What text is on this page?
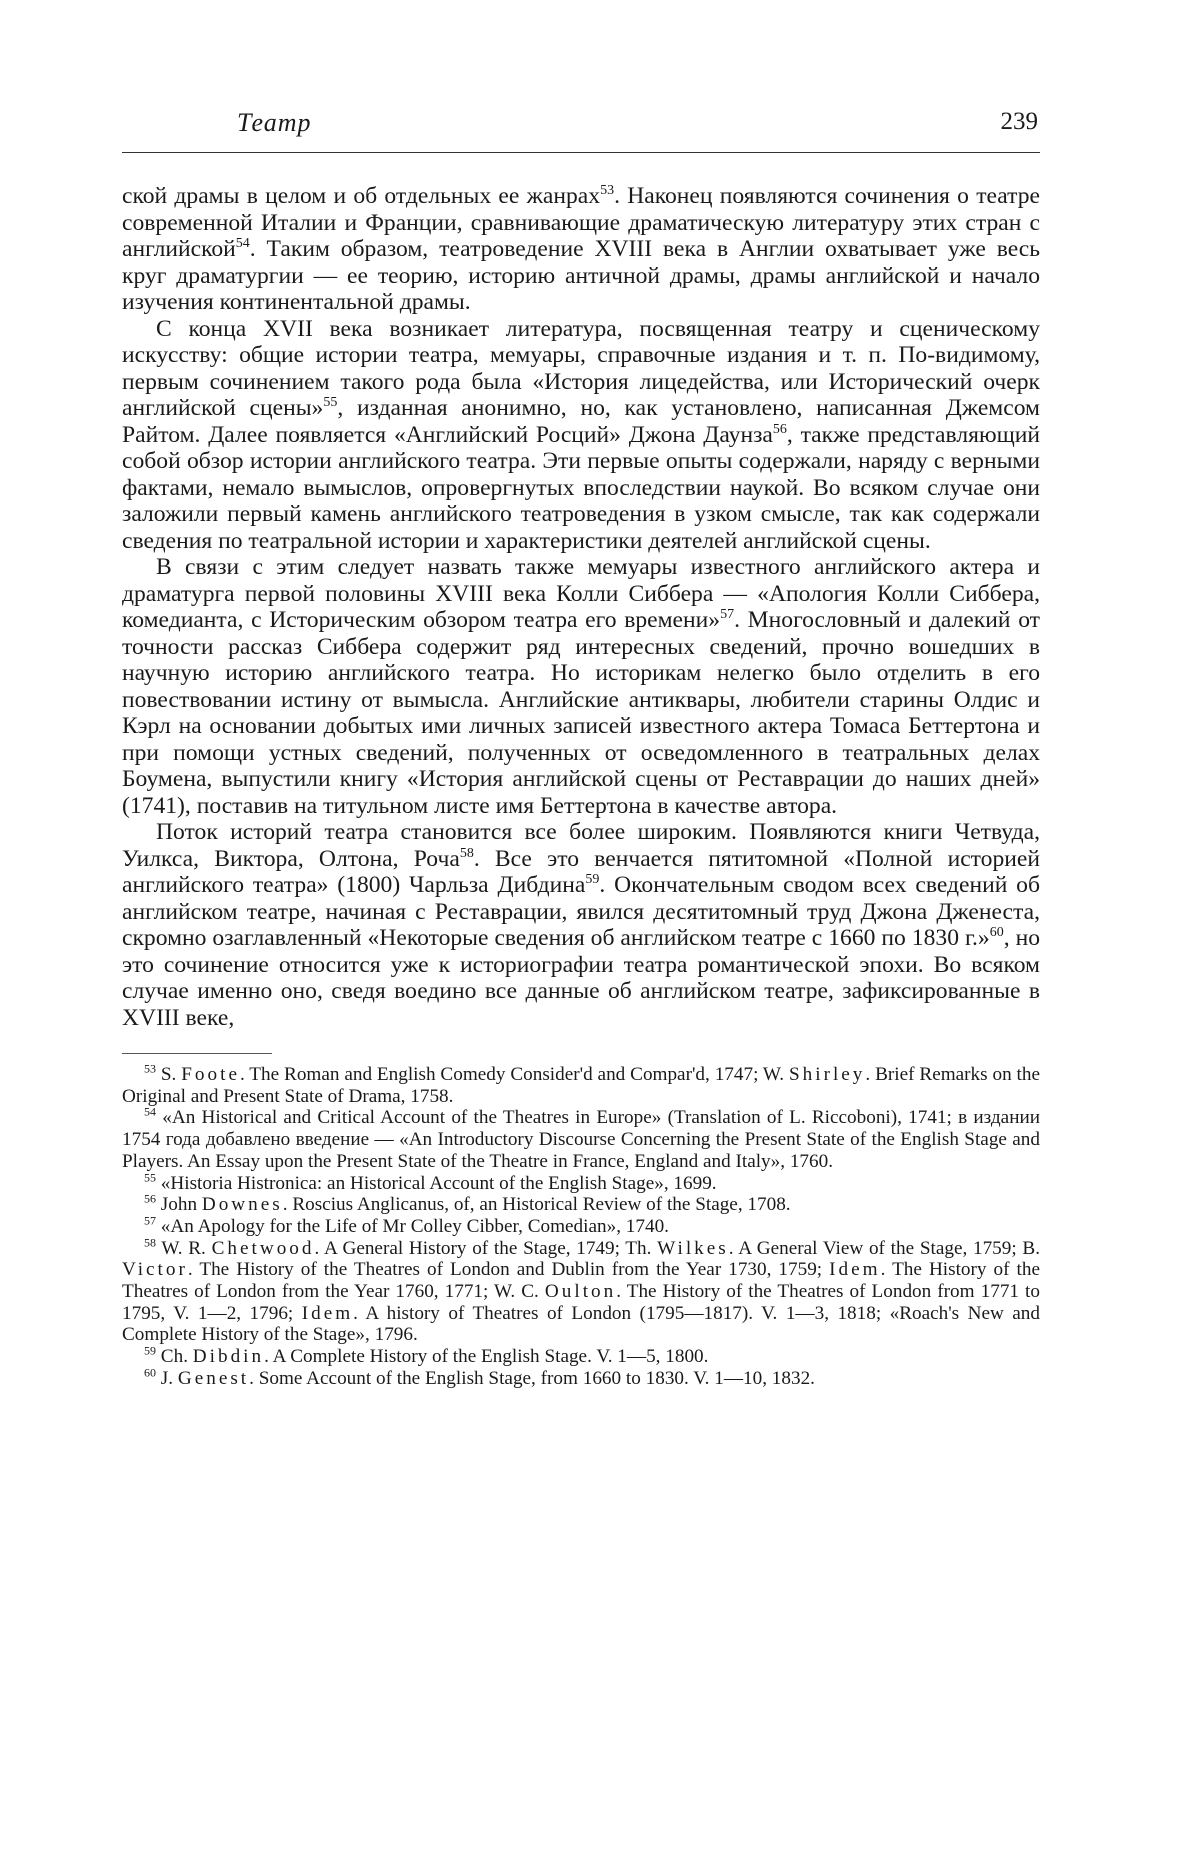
Театр	239

ской драмы в целом и об отдельных ее жанрах$^{53}$. Наконец появляются сочинения о театре современной Италии и Франции, сравнивающие драматическую литературу этих стран с английской$^{54}$. Таким образом, театроведение XVIII века в Англии охватывает уже весь круг драматургии — ее теорию, историю античной драмы, драмы английской и начало изучения континентальной драмы.

С конца XVII века возникает литература, посвященная театру и сценическому искусству: общие истории театра, мемуары, справочные издания и т. п. По-видимому, первым сочинением такого рода была «История лицедейства, или Исторический очерк английской сцены»$^{55}$, изданная анонимно, но, как установлено, написанная Джемсом Райтом. Далее появляется «Английский Росций» Джона Даунза$^{56}$, также представляющий собой обзор истории английского театра. Эти первые опыты содержали, наряду с верными фактами, немало вымыслов, опровергнутых впоследствии наукой. Во всяком случае они заложили первый камень английского театроведения в узком смысле, так как содержали сведения по театральной истории и характеристики деятелей английской сцены.

В связи с этим следует назвать также мемуары известного английского актера и драматурга первой половины XVIII века Колли Сиббера — «Апология Колли Сиббера, комедианта, с Историческим обзором театра его времени»$^{57}$. Многословный и далекий от точности рассказ Сиббера содержит ряд интересных сведений, прочно вошедших в научную историю английского театра. Но историкам нелегко было отделить в его повествовании истину от вымысла. Английские антиквары, любители старины Олдис и Кэрл на основании добытых ими личных записей известного актера Томаса Беттертона и при помощи устных сведений, полученных от осведомленного в театральных делах Боумена, выпустили книгу «История английской сцены от Реставрации до наших дней» (1741), поставив на титульном листе имя Беттертона в качестве автора.

Поток историй театра становится все более широким. Появляются книги Четвуда, Уилкса, Виктора, Олтона, Роча$^{58}$. Все это венчается пятитомной «Полной историей английского театра» (1800) Чарльза Дибдина$^{59}$. Окончательным сводом всех сведений об английском театре, начиная с Реставрации, явился десятитомный труд Джона Дженеста, скромно озаглавленный «Некоторые сведения об английском театре с 1660 по 1830 г.»$^{60}$, но это сочинение относится уже к историографии театра романтической эпохи. Во всяком случае именно оно, сведя воедино все данные об английском театре, зафиксированные в XVIII веке,

$^{53}$ S. Foote. The Roman and English Comedy Consider'd and Compar'd, 1747; W. Shirley. Brief Remarks on the Original and Present State of Drama, 1758.

$^{54}$ «An Historical and Critical Account of the Theatres in Europe» (Translation of L. Riccoboni), 1741; в издании 1754 года добавлено введение — «An Introductory Discourse Concerning the Present State of the English Stage and Players. An Essay upon the Present State of the Theatre in France, England and Italy», 1760.

$^{55}$ «Historia Histronica: an Historical Account of the English Stage», 1699.

$^{56}$ John Downes. Roscius Anglicanus, of, an Historical Review of the Stage, 1708.

$^{57}$ «An Apology for the Life of Mr Colley Cibber, Comedian», 1740.

$^{58}$ W. R. Chetwood. A General History of the Stage, 1749; Th. Wilkes. A General View of the Stage, 1759; B. Victor. The History of the Theatres of London and Dublin from the Year 1730, 1759; Idem. The History of the Theatres of London from the Year 1760, 1771; W. C. Oulton. The History of the Theatres of London from 1771 to 1795, V. 1—2, 1796; Idem. A history of Theatres of London (1795—1817). V. 1—3, 1818; «Roach's New and Complete History of the Stage», 1796.

$^{59}$ Ch. Dibdin. A Complete History of the English Stage. V. 1—5, 1800.

$^{60}$ J. Genest. Some Account of the English Stage, from 1660 to 1830. V. 1—10, 1832.
